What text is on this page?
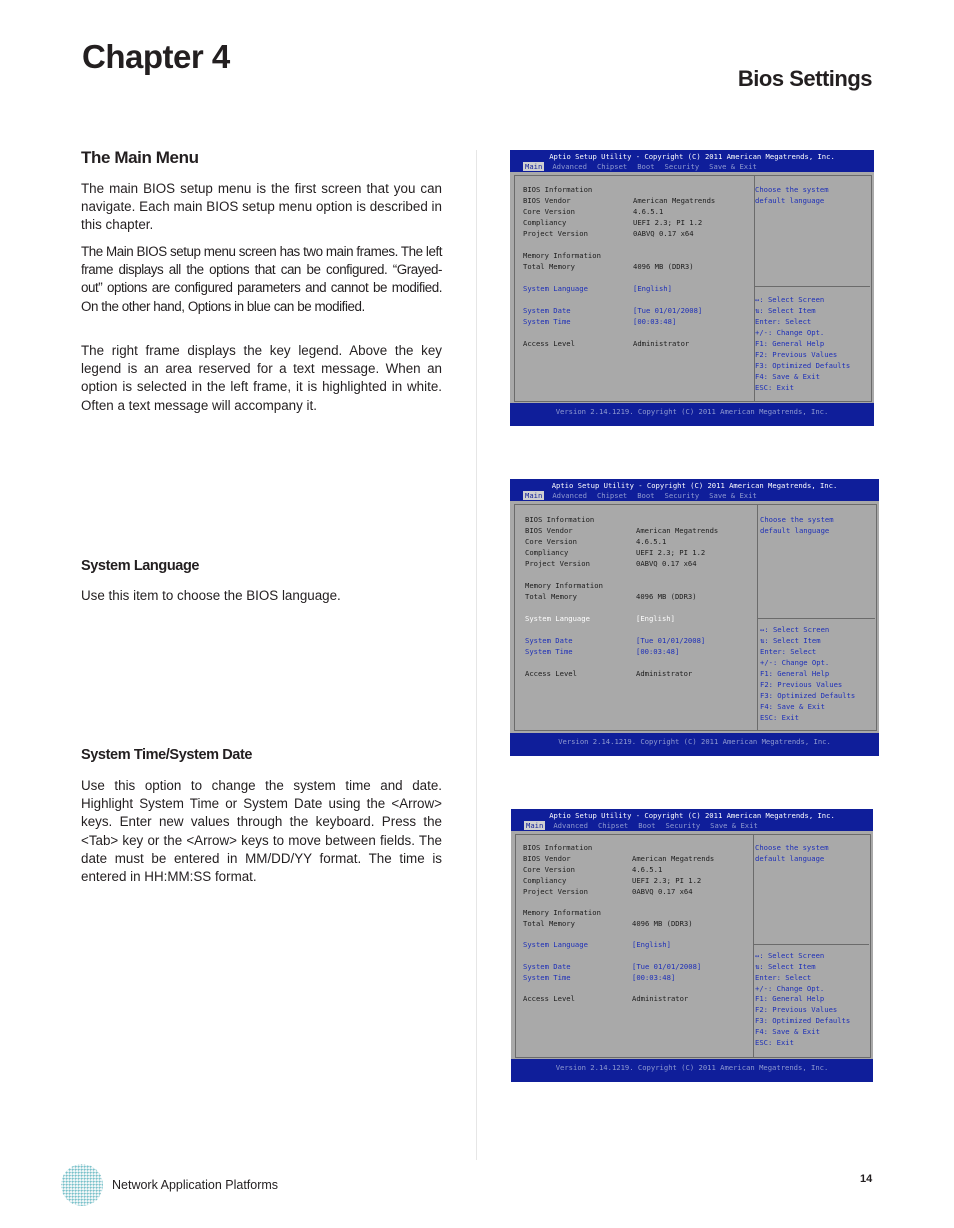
Chapter 4
Bios Settings
The Main Menu

The main BIOS setup menu is the first screen that you can navigate. Each main BIOS setup menu option is described in this chapter.

The Main BIOS setup menu screen has two main frames. The left frame displays all the options that can be configured. “Grayed-out” options are configured parameters and cannot be modified. On the other hand, Options in blue can be modified.

The right frame displays the key legend. Above the key legend is an area reserved for a text message. When an option is selected in the left frame, it is highlighted in white. Often a text message will accompany it.

System Language

Use this item to choose the BIOS language.

System Time/System Date

Use this option to change the system time and date. Highlight System Time or System Date using the <Arrow> keys. Enter new values through the keyboard. Press the <Tab> key or the <Arrow> keys to move between fields. The date must be entered in MM/DD/YY format. The time is entered in HH:MM:SS format.

Aptio Setup Utility - Copyright (C) 2011 American Megatrends, Inc.
Main Advanced Chipset Boot Security Save & Exit
BIOS Information
BIOS Vendor	American Megatrends
Core Version	4.6.5.1
Compliancy	UEFI 2.3; PI 1.2
Project Version	0ABVQ 0.17 x64
Memory Information
Total Memory	4096 MB (DDR3)
System Language	[English]
System Date	[Tue 01/01/2008]
System Time	[00:03:48]
Access Level	Administrator
Choose the system
default language
↔: Select Screen
⇅: Select Item
Enter: Select
+/-: Change Opt.
F1: General Help
F2: Previous Values
F3: Optimized Defaults
F4: Save & Exit
ESC: Exit
Version 2.14.1219. Copyright (C) 2011 American Megatrends, Inc.
Aptio Setup Utility - Copyright (C) 2011 American Megatrends, Inc.
Main Advanced Chipset Boot Security Save & Exit
BIOS Information
BIOS Vendor	American Megatrends
Core Version	4.6.5.1
Compliancy	UEFI 2.3; PI 1.2
Project Version	0ABVQ 0.17 x64
Memory Information
Total Memory	4096 MB (DDR3)
System Language	[English]
System Date	[Tue 01/01/2008]
System Time	[00:03:48]
Access Level	Administrator
Choose the system
default language
↔: Select Screen
⇅: Select Item
Enter: Select
+/-: Change Opt.
F1: General Help
F2: Previous Values
F3: Optimized Defaults
F4: Save & Exit
ESC: Exit
Version 2.14.1219. Copyright (C) 2011 American Megatrends, Inc.
Aptio Setup Utility - Copyright (C) 2011 American Megatrends, Inc.
Main Advanced Chipset Boot Security Save & Exit
BIOS Information
BIOS Vendor	American Megatrends
Core Version	4.6.5.1
Compliancy	UEFI 2.3; PI 1.2
Project Version	0ABVQ 0.17 x64
Memory Information
Total Memory	4096 MB (DDR3)
System Language	[English]
System Date	[Tue 01/01/2008]
System Time	[00:03:48]
Access Level	Administrator
Choose the system
default language
↔: Select Screen
⇅: Select Item
Enter: Select
+/-: Change Opt.
F1: General Help
F2: Previous Values
F3: Optimized Defaults
F4: Save & Exit
ESC: Exit
Version 2.14.1219. Copyright (C) 2011 American Megatrends, Inc.
Network Application Platforms	14
